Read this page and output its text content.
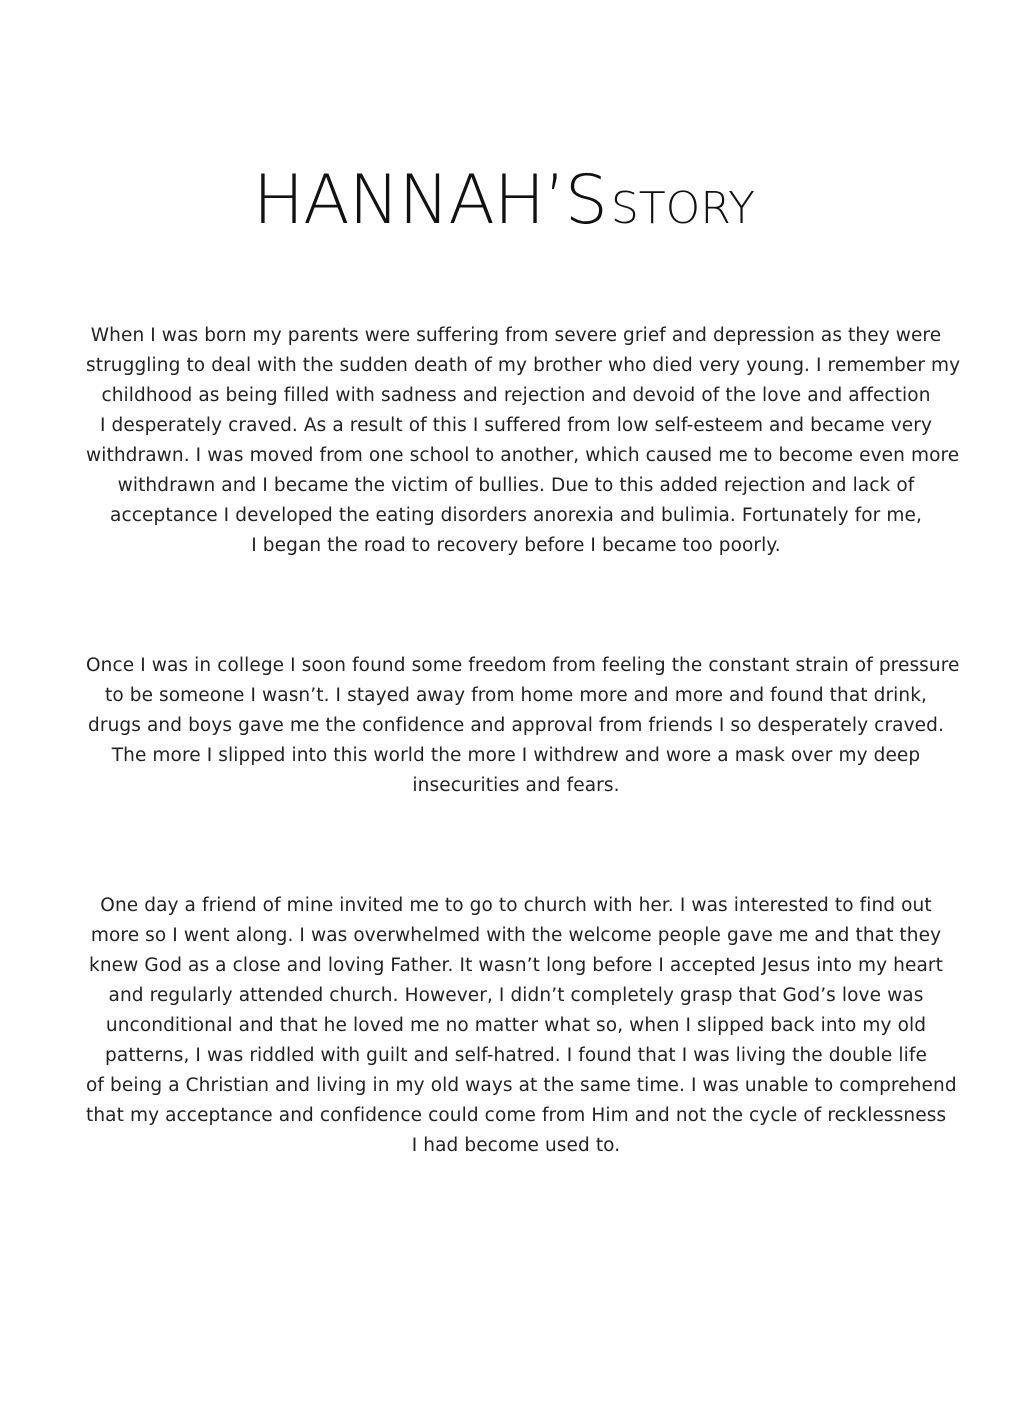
HANNAH’SSTORY

When I was born my parents were suffering from severe grief and depression as they were
struggling to deal with the sudden death of my brother who died very young. I remember my
childhood as being filled with sadness and rejection and devoid of the love and affection
I desperately craved. As a result of this I suffered from low self-esteem and became very
withdrawn. I was moved from one school to another, which caused me to become even more
withdrawn and I became the victim of bullies. Due to this added rejection and lack of
acceptance I developed the eating disorders anorexia and bulimia. Fortunately for me,
I began the road to recovery before I became too poorly.

Once I was in college I soon found some freedom from feeling the constant strain of pressure
to be someone I wasn’t. I stayed away from home more and more and found that drink,
drugs and boys gave me the confidence and approval from friends I so desperately craved.
The more I slipped into this world the more I withdrew and wore a mask over my deep
insecurities and fears.

One day a friend of mine invited me to go to church with her. I was interested to find out
more so I went along. I was overwhelmed with the welcome people gave me and that they
knew God as a close and loving Father. It wasn’t long before I accepted Jesus into my heart
and regularly attended church. However, I didn’t completely grasp that God’s love was
unconditional and that he loved me no matter what so, when I slipped back into my old
patterns, I was riddled with guilt and self-hatred. I found that I was living the double life
of being a Christian and living in my old ways at the same time. I was unable to comprehend
that my acceptance and confidence could come from Him and not the cycle of recklessness
I had become used to.
